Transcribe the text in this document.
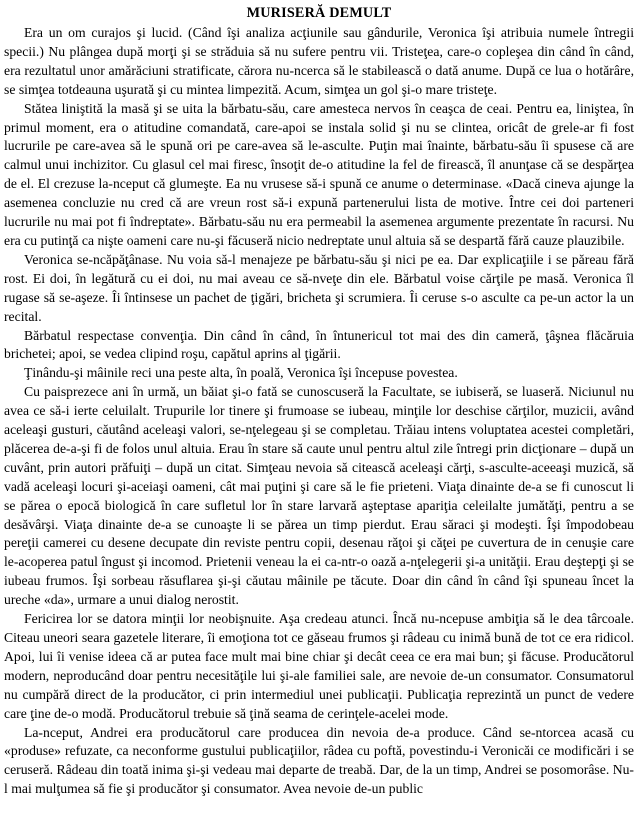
MURISERĂ DEMULT

Era un om curajos şi lucid. (Când îşi analiza acţiunile sau gândurile, Veronica îşi atribuia numele întregii specii.) Nu plângea după morţi şi se străduia să nu sufere pentru vii. Tristeţea, care-o copleşea din când în când, era rezultatul unor amărăciuni stratificate, cărora nu-ncerca să le stabilească o dată anume. După ce lua o hotărâre, se simţea totdeauna uşurată şi cu mintea limpezită. Acum, simţea un gol şi-o mare tristeţe.

Stătea liniştită la masă şi se uita la bărbatu-său, care amesteca nervos în ceaşca de ceai. Pentru ea, liniştea, în primul moment, era o atitudine comandată, care-apoi se instala solid şi nu se clintea, oricât de grele-ar fi fost lucrurile pe care-avea să le spună ori pe care-avea să le-asculte. Puţin mai înainte, bărbatu-său îi spusese că are calmul unui inchizitor. Cu glasul cel mai firesc, însoţit de-o atitudine la fel de firească, îl anunţase că se despărţea de el. El crezuse la-nceput că glumeşte. Ea nu vrusese să-i spună ce anume o determinase. «Dacă cineva ajunge la asemenea concluzie nu cred că are vreun rost să-i expună partenerului lista de motive. Între cei doi parteneri lucrurile nu mai pot fi îndreptate». Bărbatu-său nu era permeabil la asemenea argumente prezentate în racursi. Nu era cu putinţă ca nişte oameni care nu-şi făcuseră nicio nedreptate unul altuia să se despartă fără cauze plauzibile.

Veronica se-ncăpăţânase. Nu voia să-l menajeze pe bărbatu-său şi nici pe ea. Dar explicaţiile i se păreau fără rost. Ei doi, în legătură cu ei doi, nu mai aveau ce să-nveţe din ele. Bărbatul voise cărţile pe masă. Veronica îl rugase să se-aşeze. Îi întinsese un pachet de ţigări, bricheta şi scrumiera. Îi ceruse s-o asculte ca pe-un actor la un recital.

Bărbatul respectase convenţia. Din când în când, în întunericul tot mai des din cameră, ţâşnea flăcăruia brichetei; apoi, se vedea clipind roşu, capătul aprins al ţigării.

Ţinându-şi mâinile reci una peste alta, în poală, Veronica îşi începuse povestea.

Cu paisprezece ani în urmă, un băiat şi-o fată se cunoscuseră la Facultate, se iubiseră, se luaseră. Niciunul nu avea ce să-i ierte celuilalt. Trupurile lor tinere şi frumoase se iubeau, minţile lor deschise cărţilor, muzicii, având aceleaşi gusturi, căutând aceleaşi valori, se-nţelegeau şi se completau. Trăiau intens voluptatea acestei completări, plăcerea de-a-şi fi de folos unul altuia. Erau în stare să caute unul pentru altul zile întregi prin dicţionare – după un cuvânt, prin autori prăfuiţi – după un citat. Simţeau nevoia să citească aceleaşi cărţi, s-asculte-aceeaşi muzică, să vadă aceleaşi locuri şi-aceiaşi oameni, cât mai puţini şi care să le fie prieteni. Viaţa dinainte de-a se fi cunoscut li se părea o epocă biologică în care sufletul lor în stare larvară aşteptase apariţia celeilalte jumătăţi, pentru a se desăvârşi. Viaţa dinainte de-a se cunoaşte li se părea un timp pierdut. Erau săraci şi modeşti. Îşi împodobeau pereţii camerei cu desene decupate din reviste pentru copii, desenau răţoi şi căţei pe cuvertura de in cenuşie care le-acoperea patul îngust şi incomod. Prietenii veneau la ei ca-ntr-o oază a-nţelegerii şi-a unităţii. Erau deştepţi şi se iubeau frumos. Îşi sorbeau răsuflarea şi-şi căutau mâinile pe tăcute. Doar din când în când îşi spuneau încet la ureche «da», urmare a unui dialog nerostit.

Fericirea lor se datora minţii lor neobişnuite. Aşa credeau atunci. Încă nu-ncepuse ambiţia să le dea târcoale. Citeau uneori seara gazetele literare, îi emoţiona tot ce găseau frumos şi râdeau cu inimă bună de tot ce era ridicol. Apoi, lui îi venise ideea că ar putea face mult mai bine chiar şi decât ceea ce era mai bun; şi făcuse. Producătorul modern, neproducând doar pentru necesităţile lui şi-ale familiei sale, are nevoie de-un consumator. Consumatorul nu cumpără direct de la producător, ci prin intermediul unei publicaţii. Publicaţia reprezintă un punct de vedere care ţine de-o modă. Producătorul trebuie să ţină seama de cerinţele-acelei mode.

La-nceput, Andrei era producătorul care producea din nevoia de-a produce. Când se-ntorcea acasă cu «produse» refuzate, ca neconforme gustului publicaţiilor, râdea cu poftă, povestindu-i Veronicăi ce modificări i se ceruseră. Râdeau din toată inima şi-şi vedeau mai departe de treabă. Dar, de la un timp, Andrei se posomorâse. Nu-l mai mulţumea să fie şi producător şi consumator. Avea nevoie de-un public
